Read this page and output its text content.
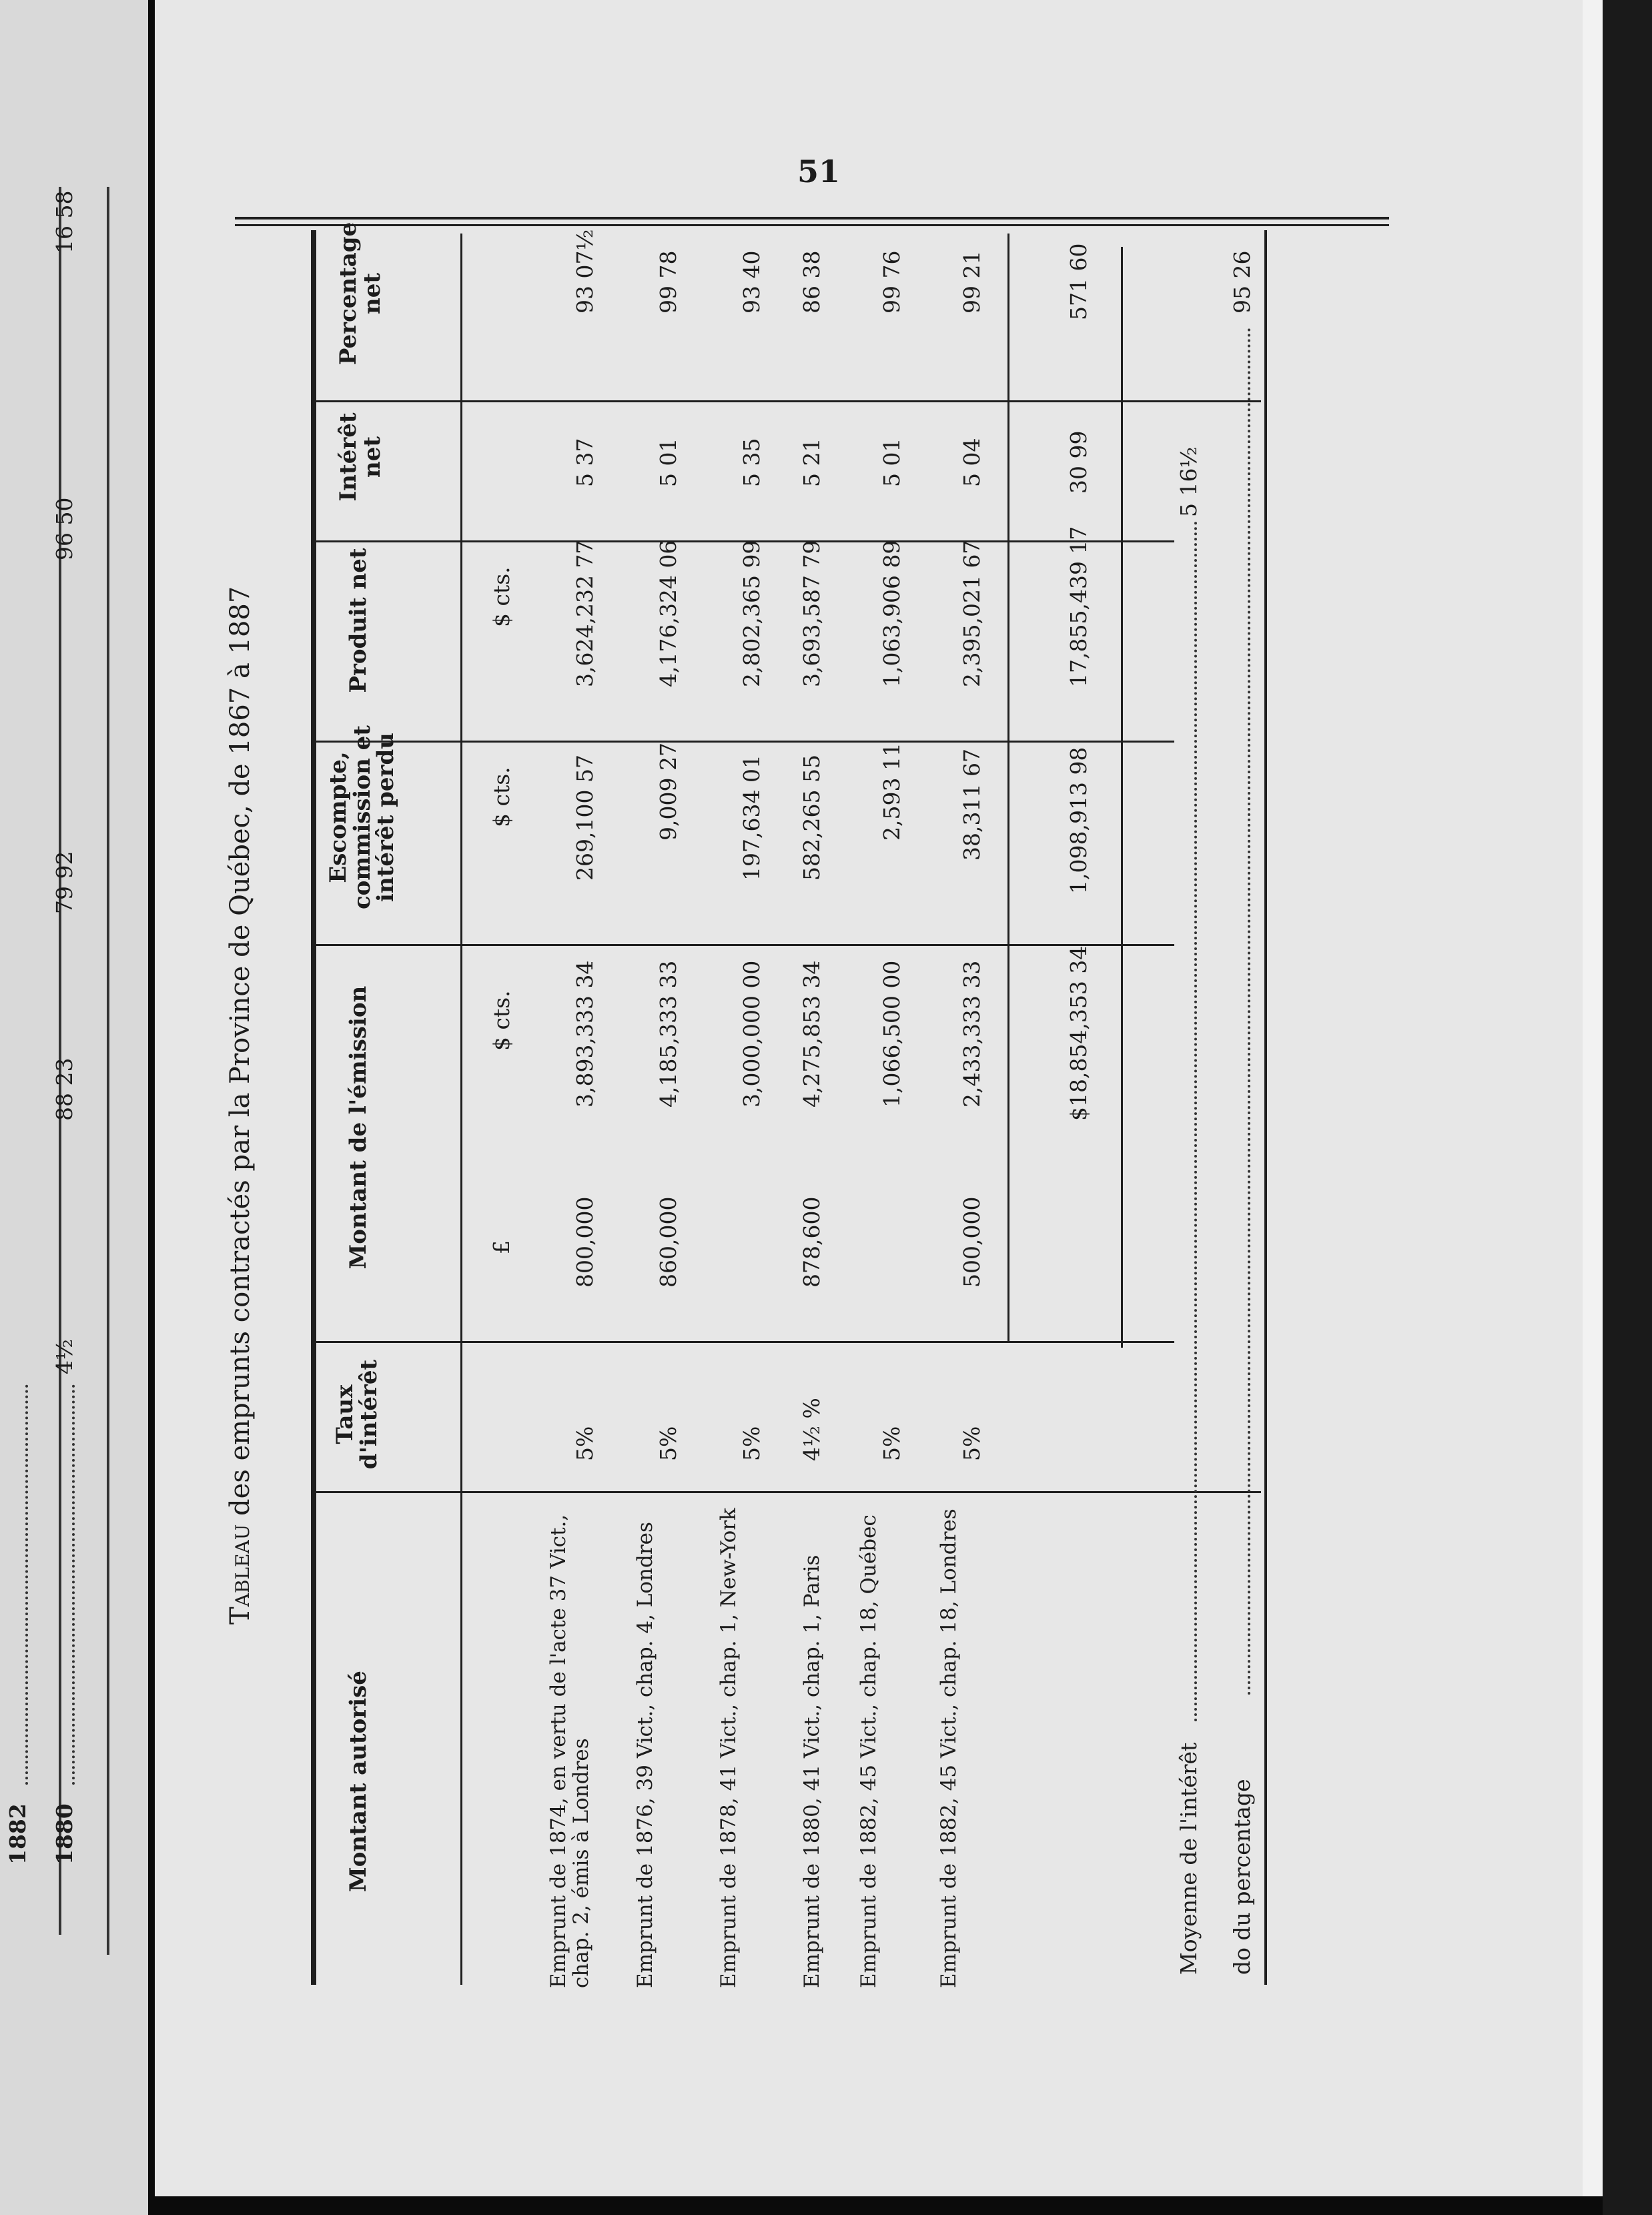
1882 1880
4½
88 23
79 92
96 50
16 58
51
Tableau des emprunts contractés par la Province de Québec, de 1867 à 1887
Montant autorisé
Taux d'intérêt
Montant de l'émission
Escompte, commission et intérêt perdu
Produit net
Intérêt net
Percentage net
£
$ cts.
$ cts.
$ cts.
Emprunt de 1874, en vertu de l'acte 37 Vict., chap. 2, émis à Londres
5%
800,000
3,893,333 34
269,100 57
3,624,232 77
5 37
93 07½
Emprunt de 1876, 39 Vict., chap. 4, Londres
5%
860,000
4,185,333 33
9,009 27
4,176,324 06
5 01
99 78
Emprunt de 1878, 41 Vict., chap. 1, New-York
5%
3,000,000 00
197,634 01
2,802,365 99
5 35
93 40
Emprunt de 1880, 41 Vict., chap. 1, Paris
4½ %
878,600
4,275,853 34
582,265 55
3,693,587 79
5 21
86 38
Emprunt de 1882, 45 Vict., chap. 18, Québec
5%
1,066,500 00
2,593 11
1,063,906 89
5 01
99 76
Emprunt de 1882, 45 Vict., chap. 18, Londres
5%
500,000
2,433,333 33
38,311 67
2,395,021 67
5 04
99 21
$18,854,353 34
1,098,913 98
17,855,439 17
30 99
571 60
Moyenne de l'intérêt
5 16½
do du percentage
95 26
